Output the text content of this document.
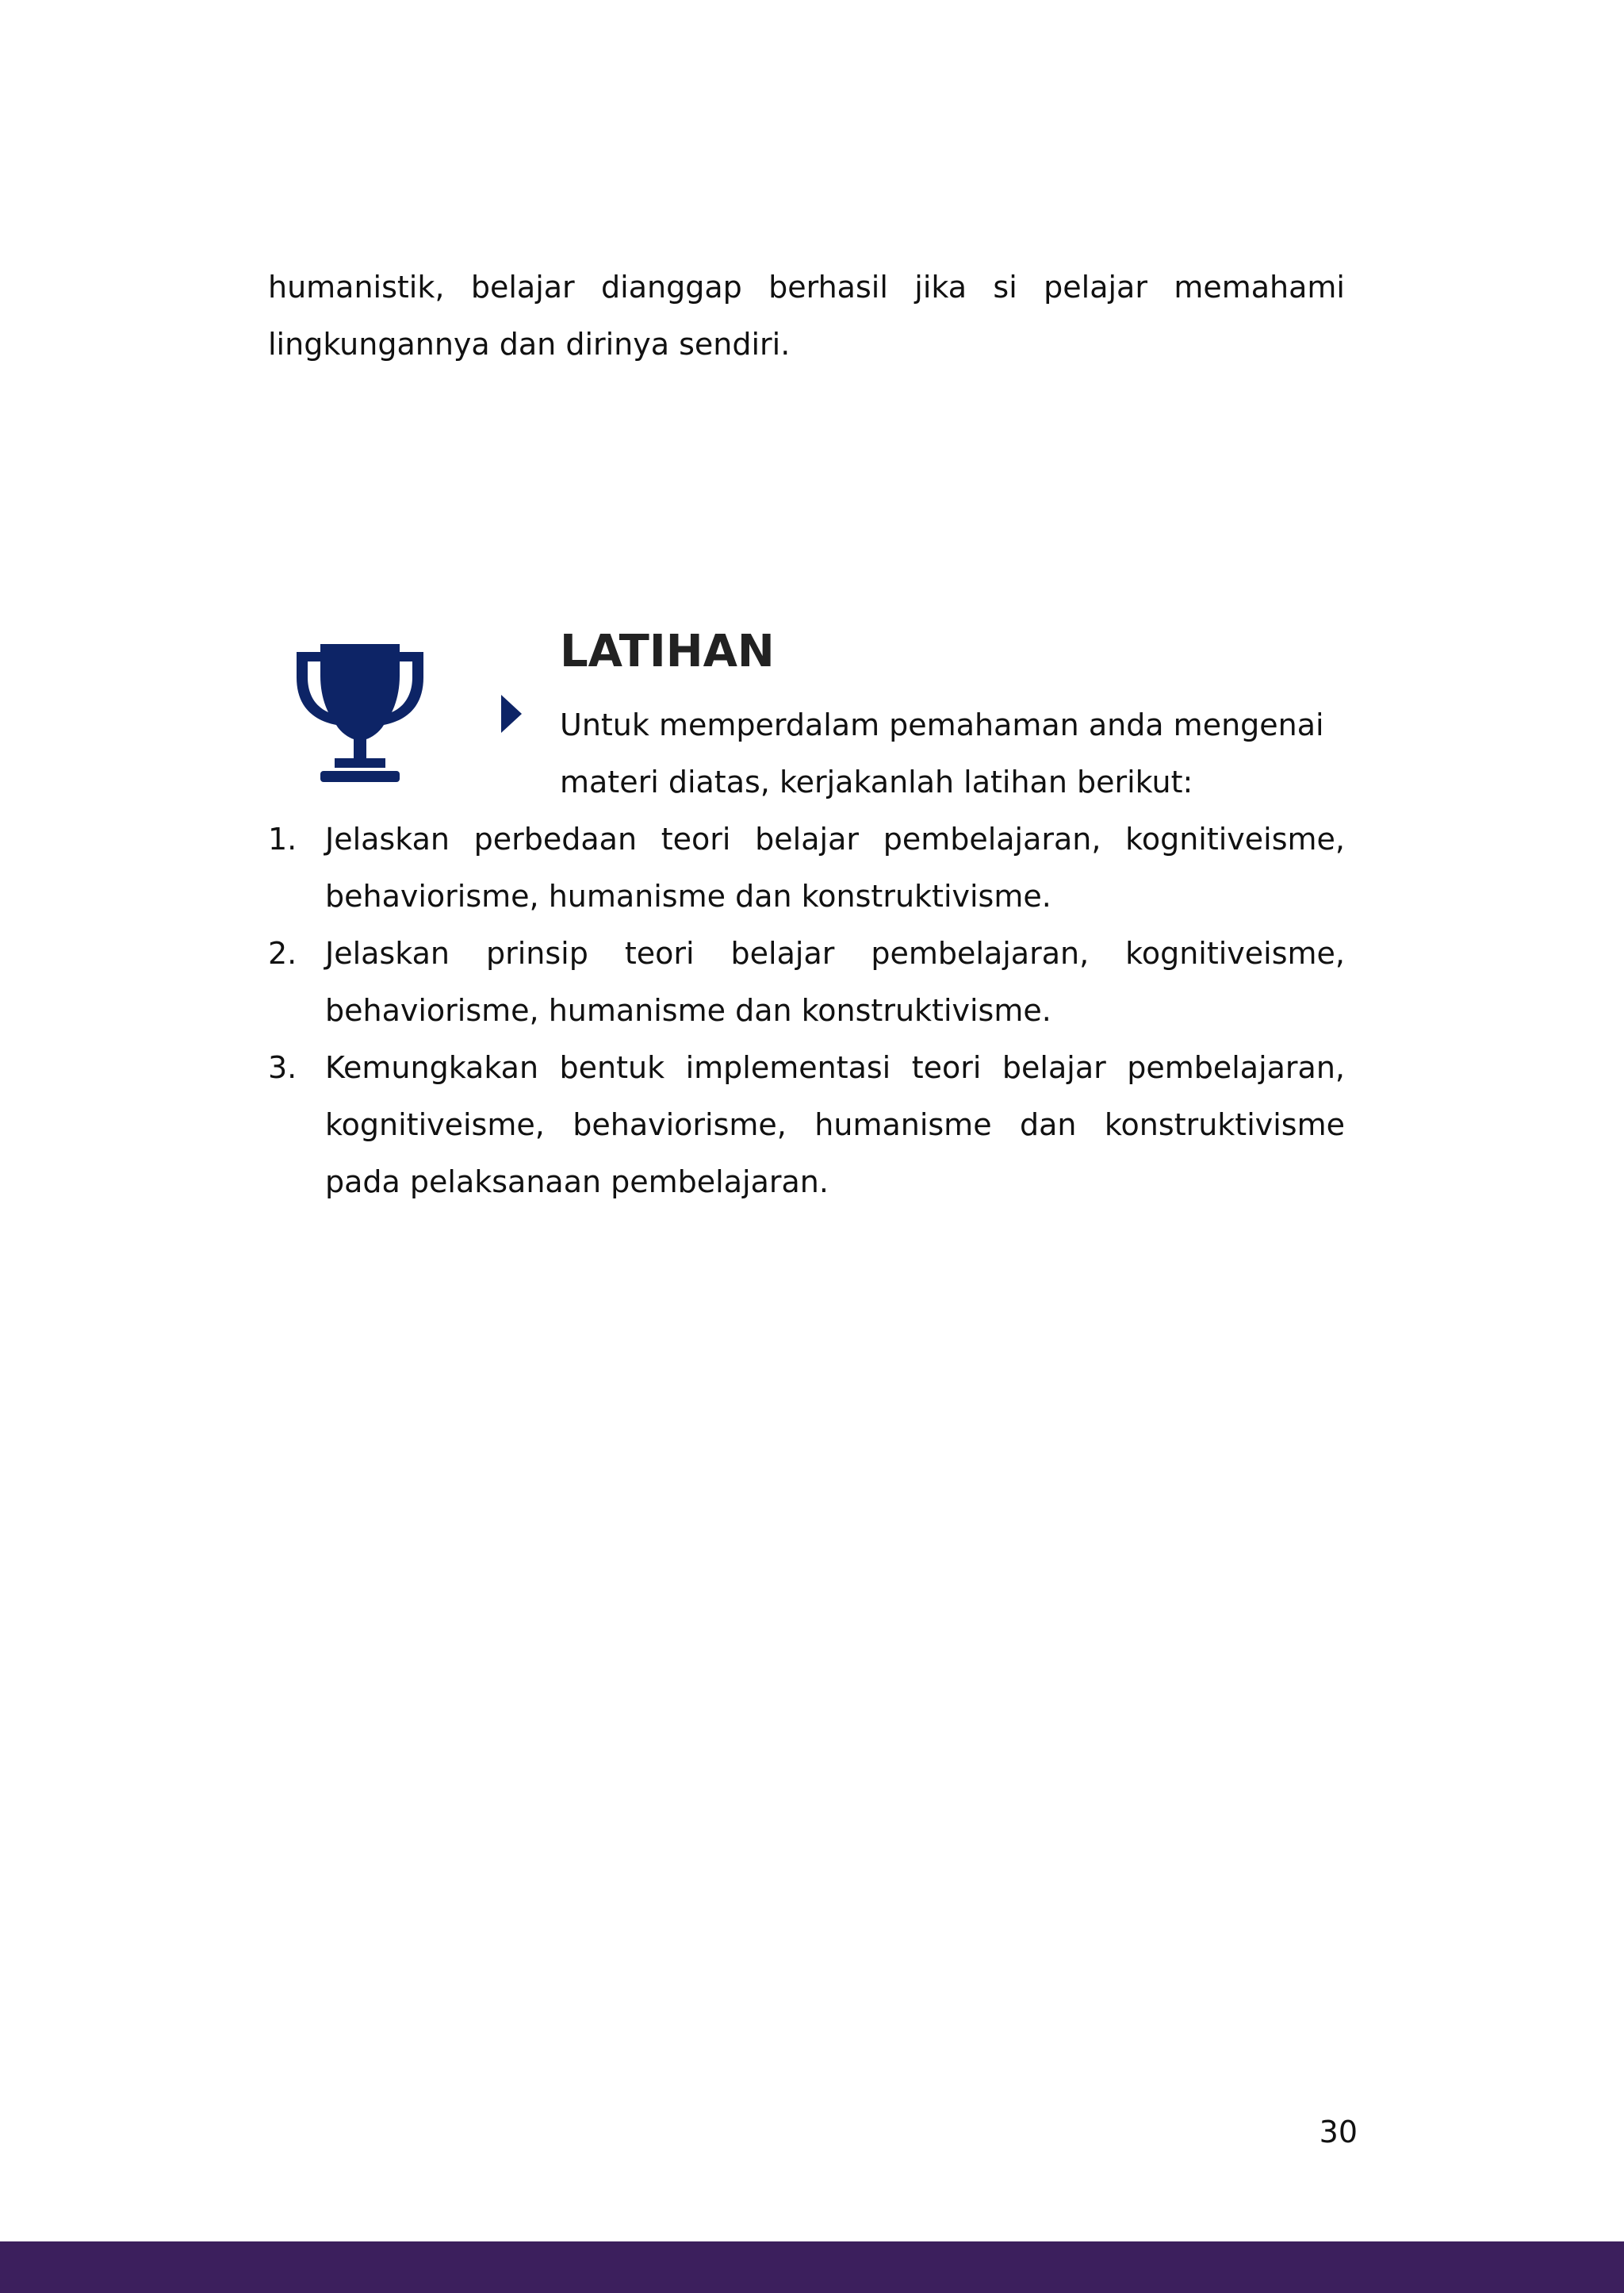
humanistik, belajar dianggap berhasil jika si pelajar memahami
lingkungannya dan dirinya sendiri.
LATIHAN
Untuk memperdalam pemahaman anda mengenai materi diatas, kerjakanlah latihan berikut:
1. Jelaskan perbedaan teori belajar pembelajaran, kognitiveisme, behaviorisme, humanisme dan konstruktivisme.
2. Jelaskan prinsip teori belajar pembelajaran, kognitiveisme, behaviorisme, humanisme dan konstruktivisme.
3. Kemungkakan bentuk implementasi teori belajar pembelajaran, kognitiveisme, behaviorisme, humanisme dan konstruktivisme pada pelaksanaan pembelajaran.
30
